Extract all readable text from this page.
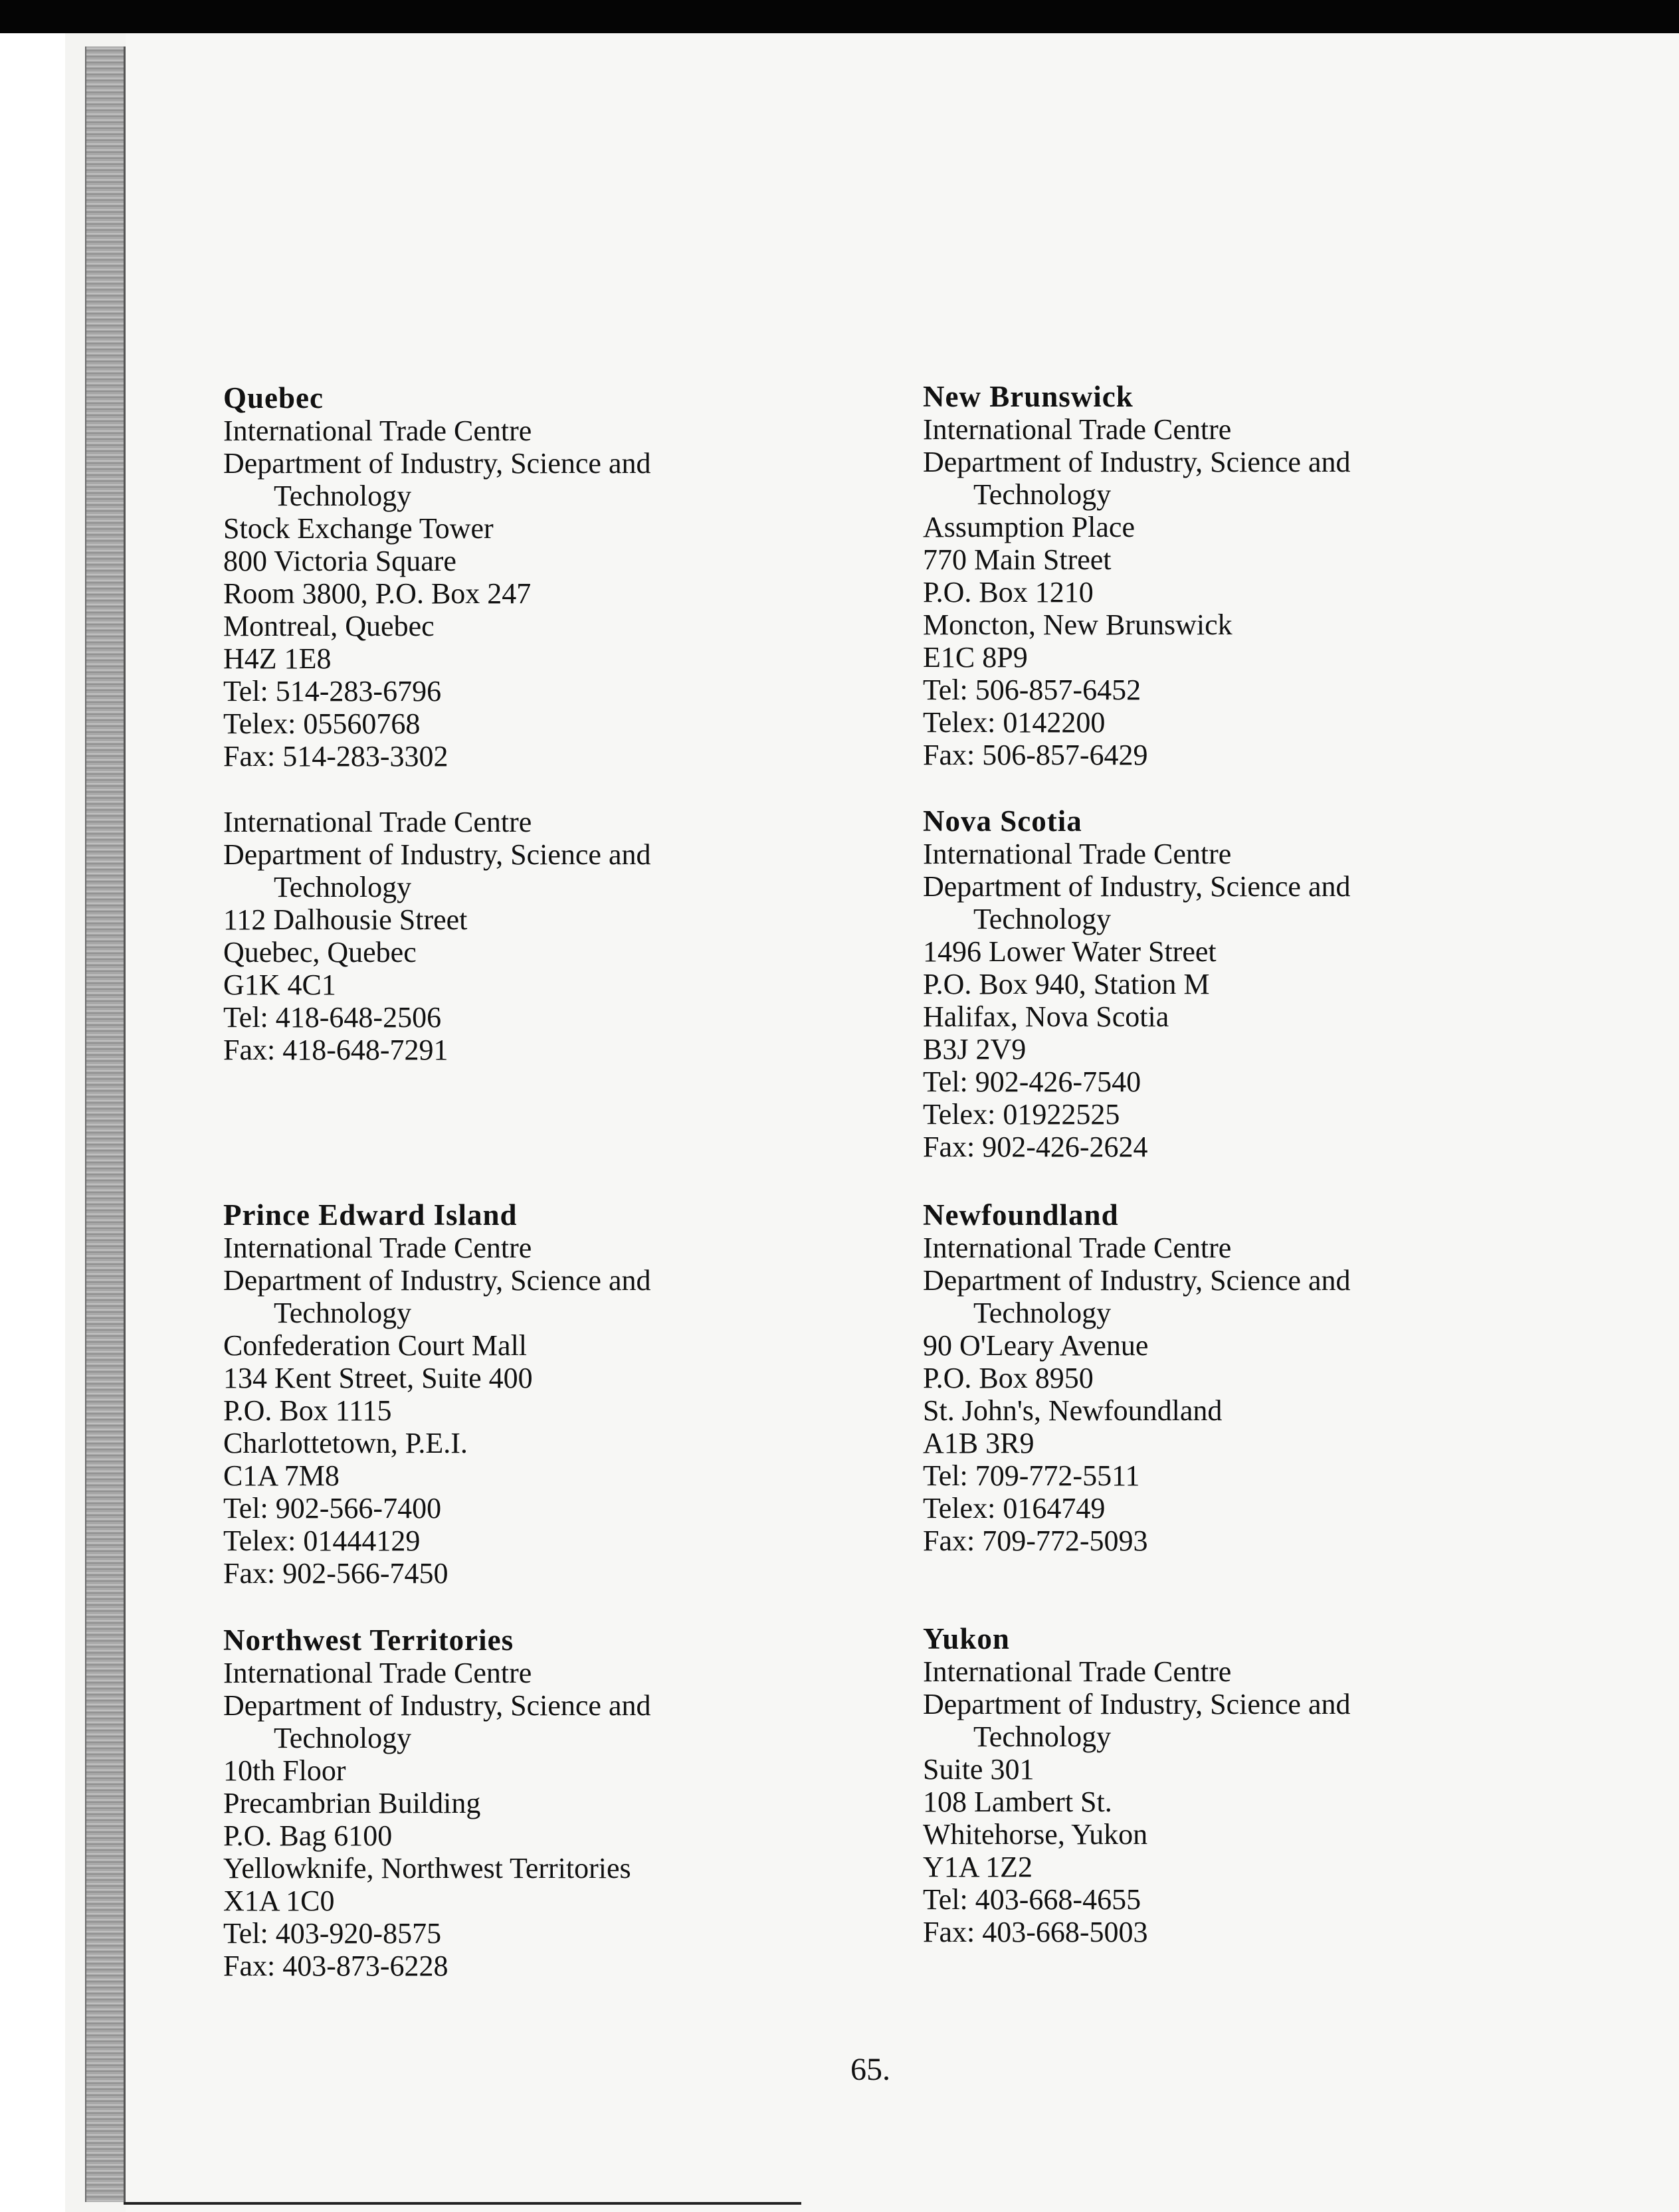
Quebec
International Trade Centre
Department of Industry, Science and
Technology
Stock Exchange Tower
800 Victoria Square
Room 3800, P.O. Box 247
Montreal, Quebec
H4Z 1E8
Tel: 514-283-6796
Telex: 05560768
Fax: 514-283-3302
International Trade Centre
Department of Industry, Science and
Technology
112 Dalhousie Street
Quebec, Quebec
G1K 4C1
Tel: 418-648-2506
Fax: 418-648-7291
Prince Edward Island
International Trade Centre
Department of Industry, Science and
Technology
Confederation Court Mall
134 Kent Street, Suite 400
P.O. Box 1115
Charlottetown, P.E.I.
C1A 7M8
Tel: 902-566-7400
Telex: 01444129
Fax: 902-566-7450
Northwest Territories
International Trade Centre
Department of Industry, Science and
Technology
10th Floor
Precambrian Building
P.O. Bag 6100
Yellowknife, Northwest Territories
X1A 1C0
Tel: 403-920-8575
Fax: 403-873-6228
New Brunswick
International Trade Centre
Department of Industry, Science and
Technology
Assumption Place
770 Main Street
P.O. Box 1210
Moncton, New Brunswick
E1C 8P9
Tel: 506-857-6452
Telex: 0142200
Fax: 506-857-6429
Nova Scotia
International Trade Centre
Department of Industry, Science and
Technology
1496 Lower Water Street
P.O. Box 940, Station M
Halifax, Nova Scotia
B3J 2V9
Tel: 902-426-7540
Telex: 01922525
Fax: 902-426-2624
Newfoundland
International Trade Centre
Department of Industry, Science and
Technology
90 O'Leary Avenue
P.O. Box 8950
St. John's, Newfoundland
A1B 3R9
Tel: 709-772-5511
Telex: 0164749
Fax: 709-772-5093
Yukon
International Trade Centre
Department of Industry, Science and
Technology
Suite 301
108 Lambert St.
Whitehorse, Yukon
Y1A 1Z2
Tel: 403-668-4655
Fax: 403-668-5003
65.
